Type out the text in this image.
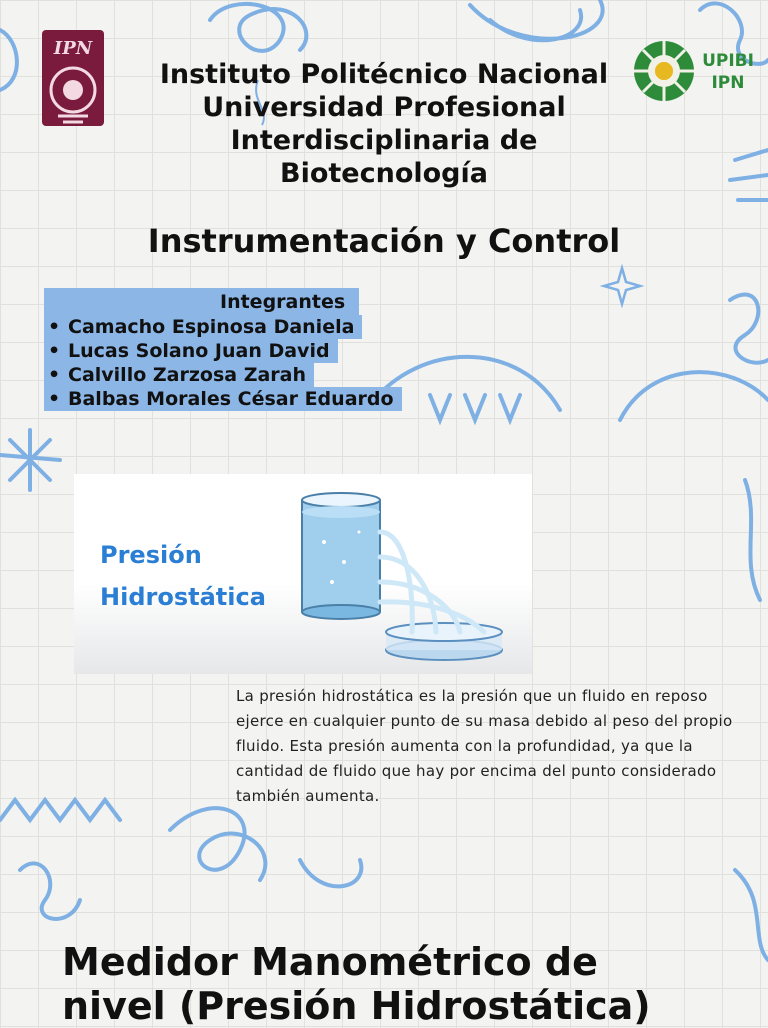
IPN
UPIBI
IPN
Instituto Politécnico Nacional
Universidad Profesional
Interdisciplinaria de
Biotecnología
Instrumentación y Control
Integrantes
• Camacho Espinosa Daniela
• Lucas Solano Juan David
• Calvillo Zarzosa Zarah
• Balbas Morales César Eduardo
Presión
Hidrostática
La presión hidrostática es la presión que un fluido en reposo ejerce en cualquier punto de su masa debido al peso del propio fluido. Esta presión aumenta con la profundidad, ya que la cantidad de fluido que hay por encima del punto considerado también aumenta.
Medidor Manométrico de
nivel (Presión Hidrostática)
